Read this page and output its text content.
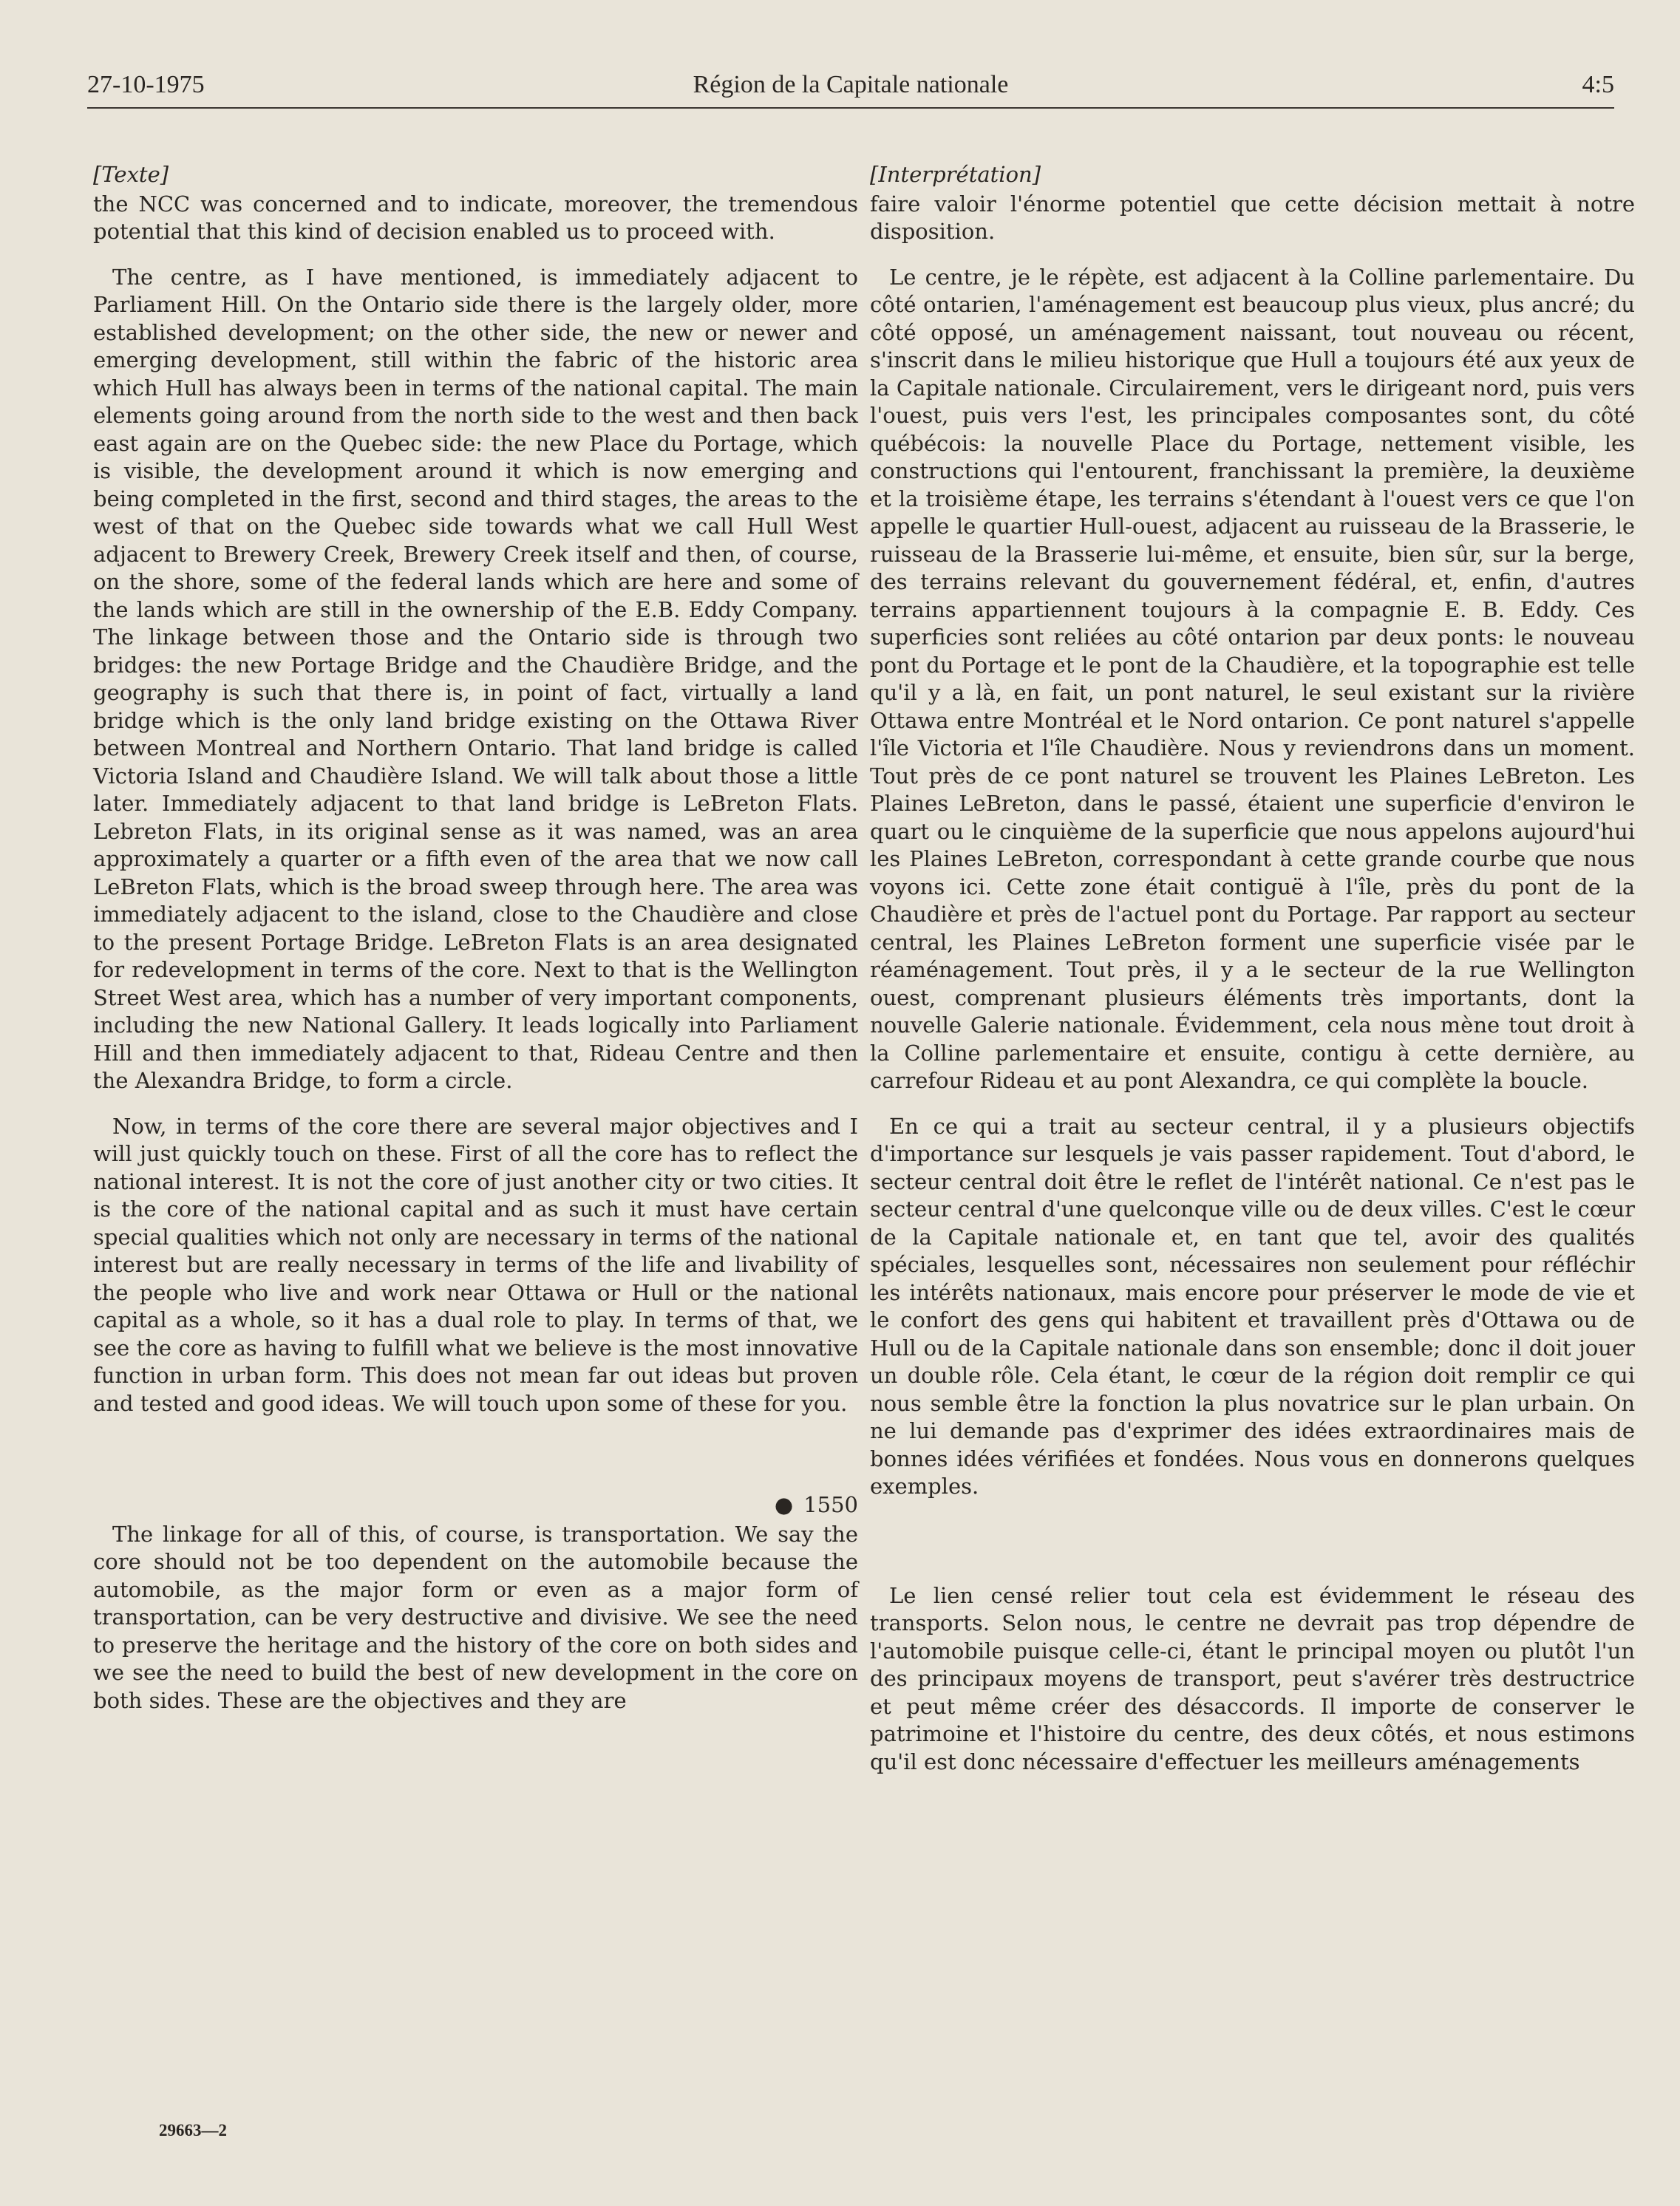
27-10-1975	Région de la Capitale nationale	4:5
[Texte]

the NCC was concerned and to indicate, moreover, the tremendous potential that this kind of decision enabled us to proceed with.

The centre, as I have mentioned, is immediately adjacent to Parliament Hill. On the Ontario side there is the largely older, more established development; on the other side, the new or newer and emerging development, still within the fabric of the historic area which Hull has always been in terms of the national capital. The main elements going around from the north side to the west and then back east again are on the Quebec side: the new Place du Portage, which is visible, the development around it which is now emerging and being completed in the first, second and third stages, the areas to the west of that on the Quebec side towards what we call Hull West adjacent to Brewery Creek, Brewery Creek itself and then, of course, on the shore, some of the federal lands which are here and some of the lands which are still in the ownership of the E.B. Eddy Company. The linkage between those and the Ontario side is through two bridges: the new Portage Bridge and the Chaudière Bridge, and the geography is such that there is, in point of fact, virtually a land bridge which is the only land bridge existing on the Ottawa River between Montreal and Northern Ontario. That land bridge is called Victoria Island and Chaudière Island. We will talk about those a little later. Immediately adjacent to that land bridge is LeBreton Flats. Lebreton Flats, in its original sense as it was named, was an area approximately a quarter or a fifth even of the area that we now call LeBreton Flats, which is the broad sweep through here. The area was immediately adjacent to the island, close to the Chaudière and close to the present Portage Bridge. LeBreton Flats is an area designated for redevelopment in terms of the core. Next to that is the Wellington Street West area, which has a number of very important components, including the new National Gallery. It leads logically into Parliament Hill and then immediately adjacent to that, Rideau Centre and then the Alexandra Bridge, to form a circle.

Now, in terms of the core there are several major objectives and I will just quickly touch on these. First of all the core has to reflect the national interest. It is not the core of just another city or two cities. It is the core of the national capital and as such it must have certain special qualities which not only are necessary in terms of the national interest but are really necessary in terms of the life and livability of the people who live and work near Ottawa or Hull or the national capital as a whole, so it has a dual role to play. In terms of that, we see the core as having to fulfill what we believe is the most innovative function in urban form. This does not mean far out ideas but proven and tested and good ideas. We will touch upon some of these for you.

● 1550

The linkage for all of this, of course, is transportation. We say the core should not be too dependent on the automobile because the automobile, as the major form or even as a major form of transportation, can be very destructive and divisive. We see the need to preserve the heritage and the history of the core on both sides and we see the need to build the best of new development in the core on both sides. These are the objectives and they are

[Interprétation]

faire valoir l'énorme potentiel que cette décision mettait à notre disposition.

Le centre, je le répète, est adjacent à la Colline parlementaire. Du côté ontarien, l'aménagement est beaucoup plus vieux, plus ancré; du côté opposé, un aménagement naissant, tout nouveau ou récent, s'inscrit dans le milieu historique que Hull a toujours été aux yeux de la Capitale nationale. Circulairement, vers le dirigeant nord, puis vers l'ouest, puis vers l'est, les principales composantes sont, du côté québécois: la nouvelle Place du Portage, nettement visible, les constructions qui l'entourent, franchissant la première, la deuxième et la troisième étape, les terrains s'étendant à l'ouest vers ce que l'on appelle le quartier Hull-ouest, adjacent au ruisseau de la Brasserie, le ruisseau de la Brasserie lui-même, et ensuite, bien sûr, sur la berge, des terrains relevant du gouvernement fédéral, et, enfin, d'autres terrains appartiennent toujours à la compagnie E. B. Eddy. Ces superficies sont reliées au côté ontarion par deux ponts: le nouveau pont du Portage et le pont de la Chaudière, et la topographie est telle qu'il y a là, en fait, un pont naturel, le seul existant sur la rivière Ottawa entre Montréal et le Nord ontarion. Ce pont naturel s'appelle l'île Victoria et l'île Chaudière. Nous y reviendrons dans un moment. Tout près de ce pont naturel se trouvent les Plaines LeBreton. Les Plaines LeBreton, dans le passé, étaient une superficie d'environ le quart ou le cinquième de la superficie que nous appelons aujourd'hui les Plaines LeBreton, correspondant à cette grande courbe que nous voyons ici. Cette zone était contiguë à l'île, près du pont de la Chaudière et près de l'actuel pont du Portage. Par rapport au secteur central, les Plaines LeBreton forment une superficie visée par le réaménagement. Tout près, il y a le secteur de la rue Wellington ouest, comprenant plusieurs éléments très importants, dont la nouvelle Galerie nationale. Évidemment, cela nous mène tout droit à la Colline parlementaire et ensuite, contigu à cette dernière, au carrefour Rideau et au pont Alexandra, ce qui complète la boucle.

En ce qui a trait au secteur central, il y a plusieurs objectifs d'importance sur lesquels je vais passer rapidement. Tout d'abord, le secteur central doit être le reflet de l'intérêt national. Ce n'est pas le secteur central d'une quelconque ville ou de deux villes. C'est le cœur de la Capitale nationale et, en tant que tel, avoir des qualités spéciales, lesquelles sont, nécessaires non seulement pour réfléchir les intérêts nationaux, mais encore pour préserver le mode de vie et le confort des gens qui habitent et travaillent près d'Ottawa ou de Hull ou de la Capitale nationale dans son ensemble; donc il doit jouer un double rôle. Cela étant, le cœur de la région doit remplir ce qui nous semble être la fonction la plus novatrice sur le plan urbain. On ne lui demande pas d'exprimer des idées extraordinaires mais de bonnes idées vérifiées et fondées. Nous vous en donnerons quelques exemples.

Le lien censé relier tout cela est évidemment le réseau des transports. Selon nous, le centre ne devrait pas trop dépendre de l'automobile puisque celle-ci, étant le principal moyen ou plutôt l'un des principaux moyens de transport, peut s'avérer très destructrice et peut même créer des désaccords. Il importe de conserver le patrimoine et l'histoire du centre, des deux côtés, et nous estimons qu'il est donc nécessaire d'effectuer les meilleurs aménagements

29663—2
